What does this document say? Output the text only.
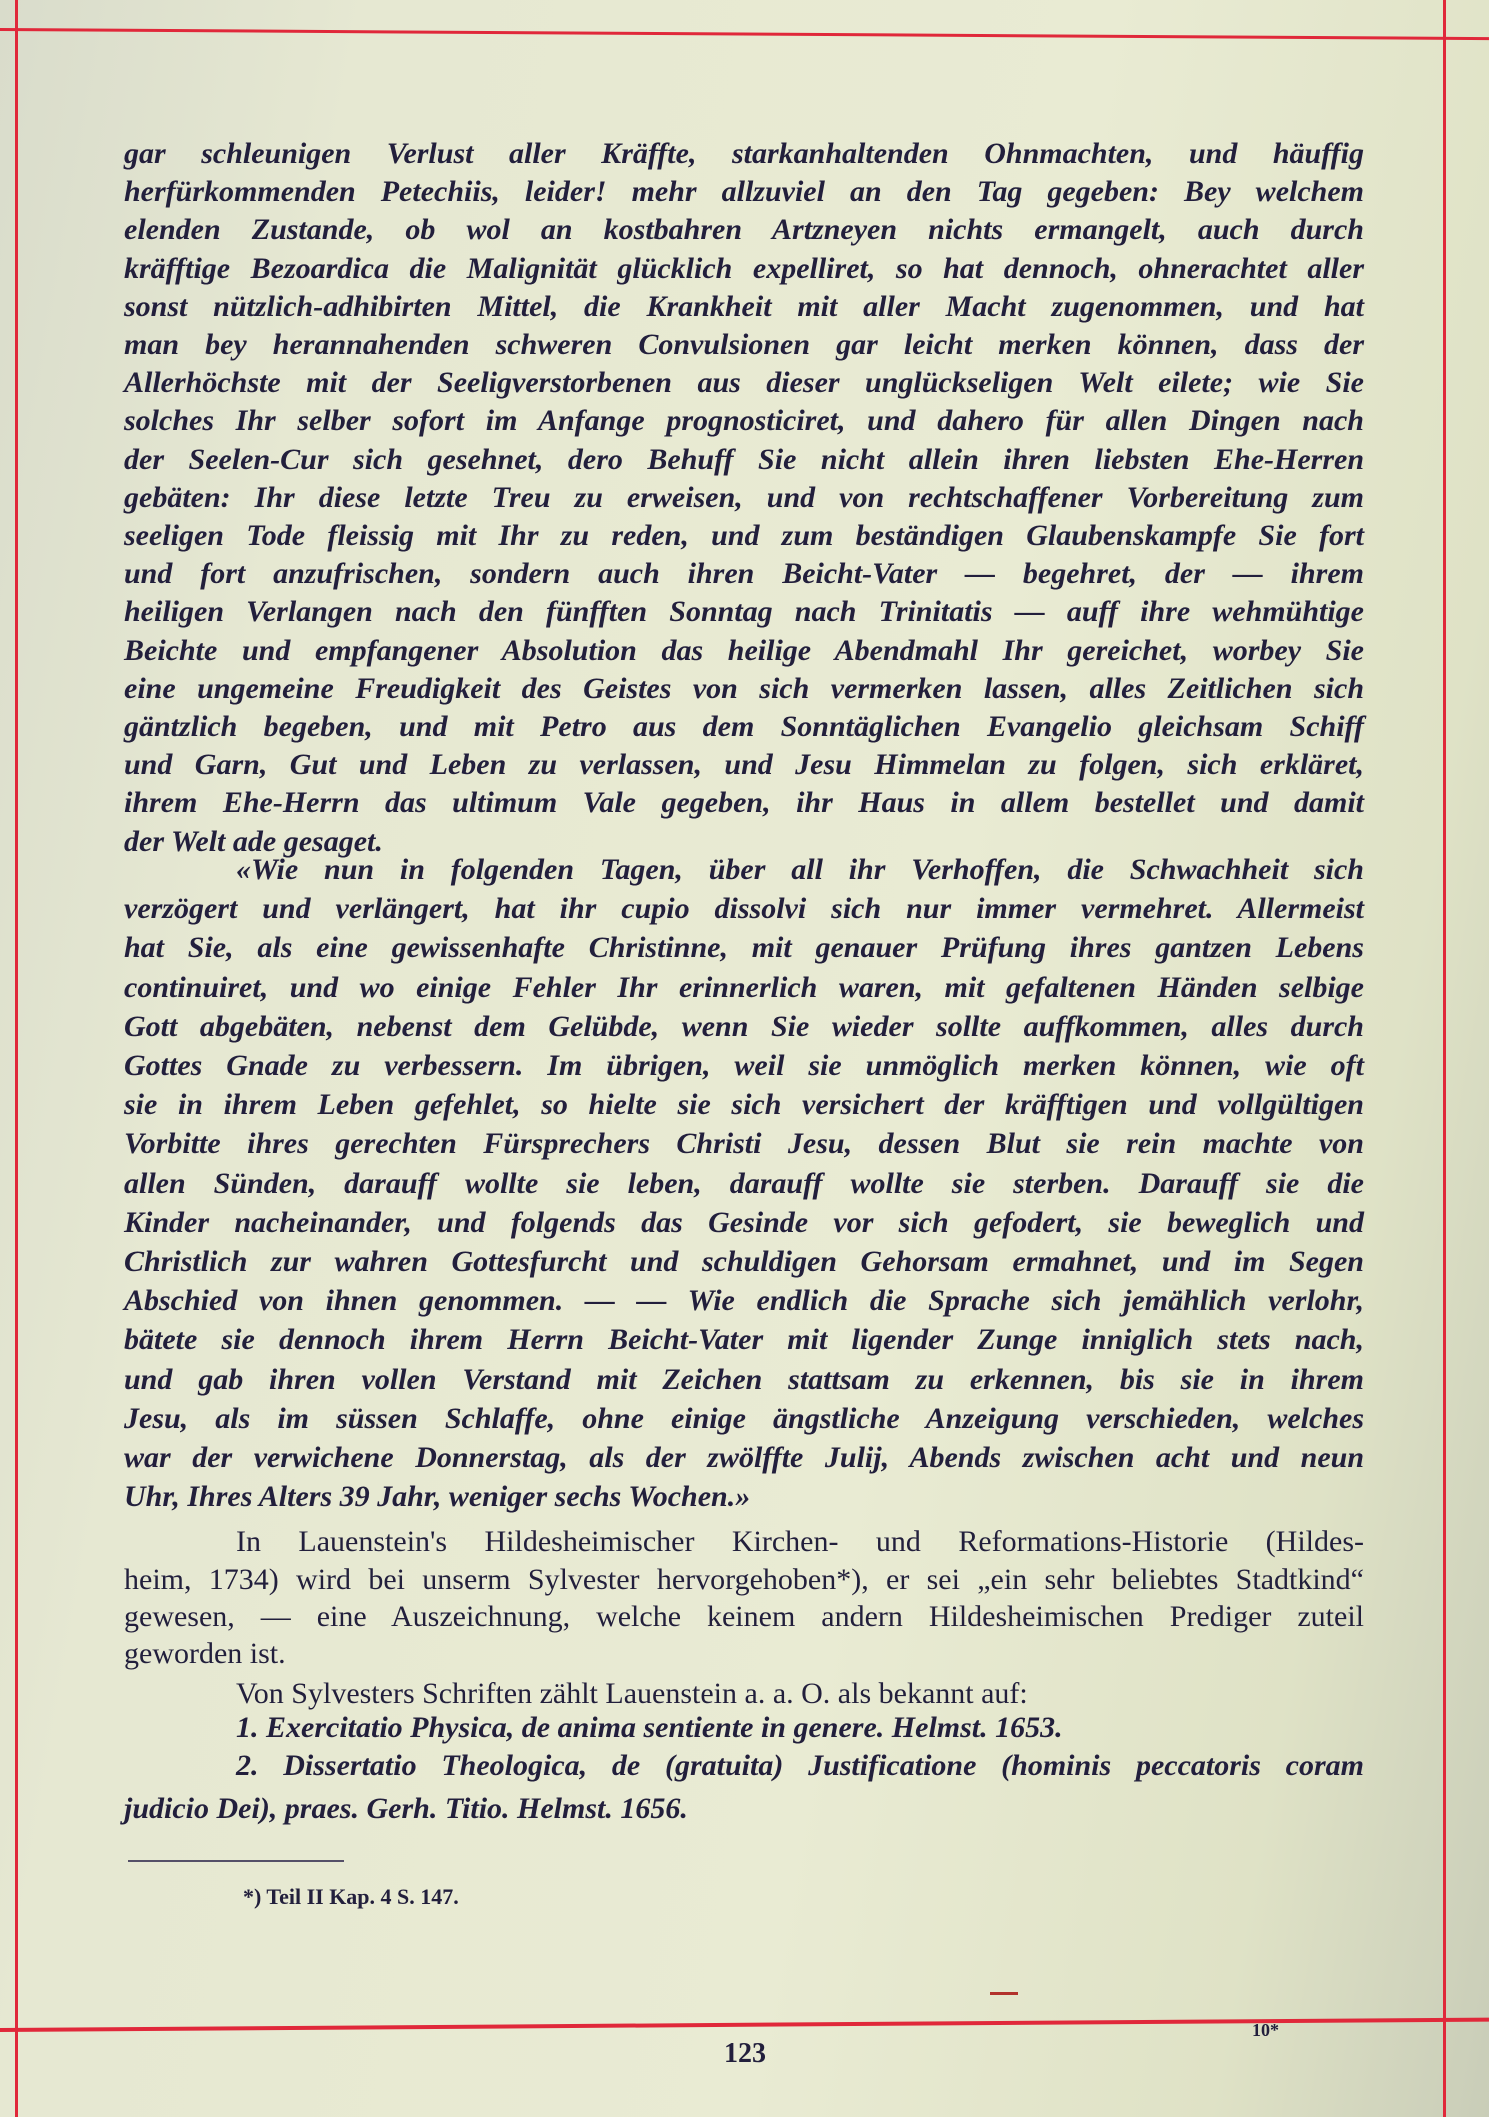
gar schleunigen Verlust aller Kräffte, starkanhaltenden Ohnmachten, und häuffig
herfürkommenden Petechiis, leider! mehr allzuviel an den Tag gegeben: Bey welchem
elenden Zustande, ob wol an kostbahren Artzneyen nichts ermangelt, auch durch
kräfftige Bezoardica die Malignität glücklich expelliret, so hat dennoch, ohnerachtet aller
sonst nützlich-adhibirten Mittel, die Krankheit mit aller Macht zugenommen, und hat
man bey herannahenden schweren Convulsionen gar leicht merken können, dass der
Allerhöchste mit der Seeligverstorbenen aus dieser unglückseligen Welt eilete; wie Sie
solches Ihr selber sofort im Anfange prognosticiret, und dahero für allen Dingen nach
der Seelen-Cur sich gesehnet, dero Behuff Sie nicht allein ihren liebsten Ehe-Herren
gebäten: Ihr diese letzte Treu zu erweisen, und von rechtschaffener Vorbereitung zum
seeligen Tode fleissig mit Ihr zu reden, und zum beständigen Glaubenskampfe Sie fort
und fort anzufrischen, sondern auch ihren Beicht-Vater — begehret, der — ihrem
heiligen Verlangen nach den fünfften Sonntag nach Trinitatis — auff ihre wehmühtige
Beichte und empfangener Absolution das heilige Abendmahl Ihr gereichet, worbey Sie
eine ungemeine Freudigkeit des Geistes von sich vermerken lassen, alles Zeitlichen sich
gäntzlich begeben, und mit Petro aus dem Sonntäglichen Evangelio gleichsam Schiff
und Garn, Gut und Leben zu verlassen, und Jesu Himmelan zu folgen, sich erkläret,
ihrem Ehe-Herrn das ultimum Vale gegeben, ihr Haus in allem bestellet und damit
der Welt ade gesaget.
«Wie nun in folgenden Tagen, über all ihr Verhoffen, die Schwachheit sich
verzögert und verlängert, hat ihr cupio dissolvi sich nur immer vermehret. Allermeist
hat Sie, als eine gewissenhafte Christinne, mit genauer Prüfung ihres gantzen Lebens
continuiret, und wo einige Fehler Ihr erinnerlich waren, mit gefaltenen Händen selbige
Gott abgebäten, nebenst dem Gelübde, wenn Sie wieder sollte auffkommen, alles durch
Gottes Gnade zu verbessern. Im übrigen, weil sie unmöglich merken können, wie oft
sie in ihrem Leben gefehlet, so hielte sie sich versichert der kräfftigen und vollgültigen
Vorbitte ihres gerechten Fürsprechers Christi Jesu, dessen Blut sie rein machte von
allen Sünden, darauff wollte sie leben, darauff wollte sie sterben. Darauff sie die
Kinder nacheinander, und folgends das Gesinde vor sich gefodert, sie beweglich und
Christlich zur wahren Gottesfurcht und schuldigen Gehorsam ermahnet, und im Segen
Abschied von ihnen genommen. — — Wie endlich die Sprache sich jemählich verlohr,
bätete sie dennoch ihrem Herrn Beicht-Vater mit ligender Zunge inniglich stets nach,
und gab ihren vollen Verstand mit Zeichen stattsam zu erkennen, bis sie in ihrem
Jesu, als im süssen Schlaffe, ohne einige ängstliche Anzeigung verschieden, welches
war der verwichene Donnerstag, als der zwölffte Julij, Abends zwischen acht und neun
Uhr, Ihres Alters 39 Jahr, weniger sechs Wochen.»
In Lauenstein's Hildesheimischer Kirchen- und Reformations-Historie (Hildes-
heim, 1734) wird bei unserm Sylvester hervorgehoben*), er sei „ein sehr beliebtes Stadtkind“
gewesen, — eine Auszeichnung, welche keinem andern Hildesheimischen Prediger zuteil
geworden ist.
Von Sylvesters Schriften zählt Lauenstein a. a. O. als bekannt auf:
1. Exercitatio Physica, de anima sentiente in genere. Helmst. 1653.
2. Dissertatio Theologica, de (gratuita) Justificatione (hominis peccatoris coram
judicio Dei), praes. Gerh. Titio. Helmst. 1656.
*) Teil II Kap. 4 S. 147.
123
10*
